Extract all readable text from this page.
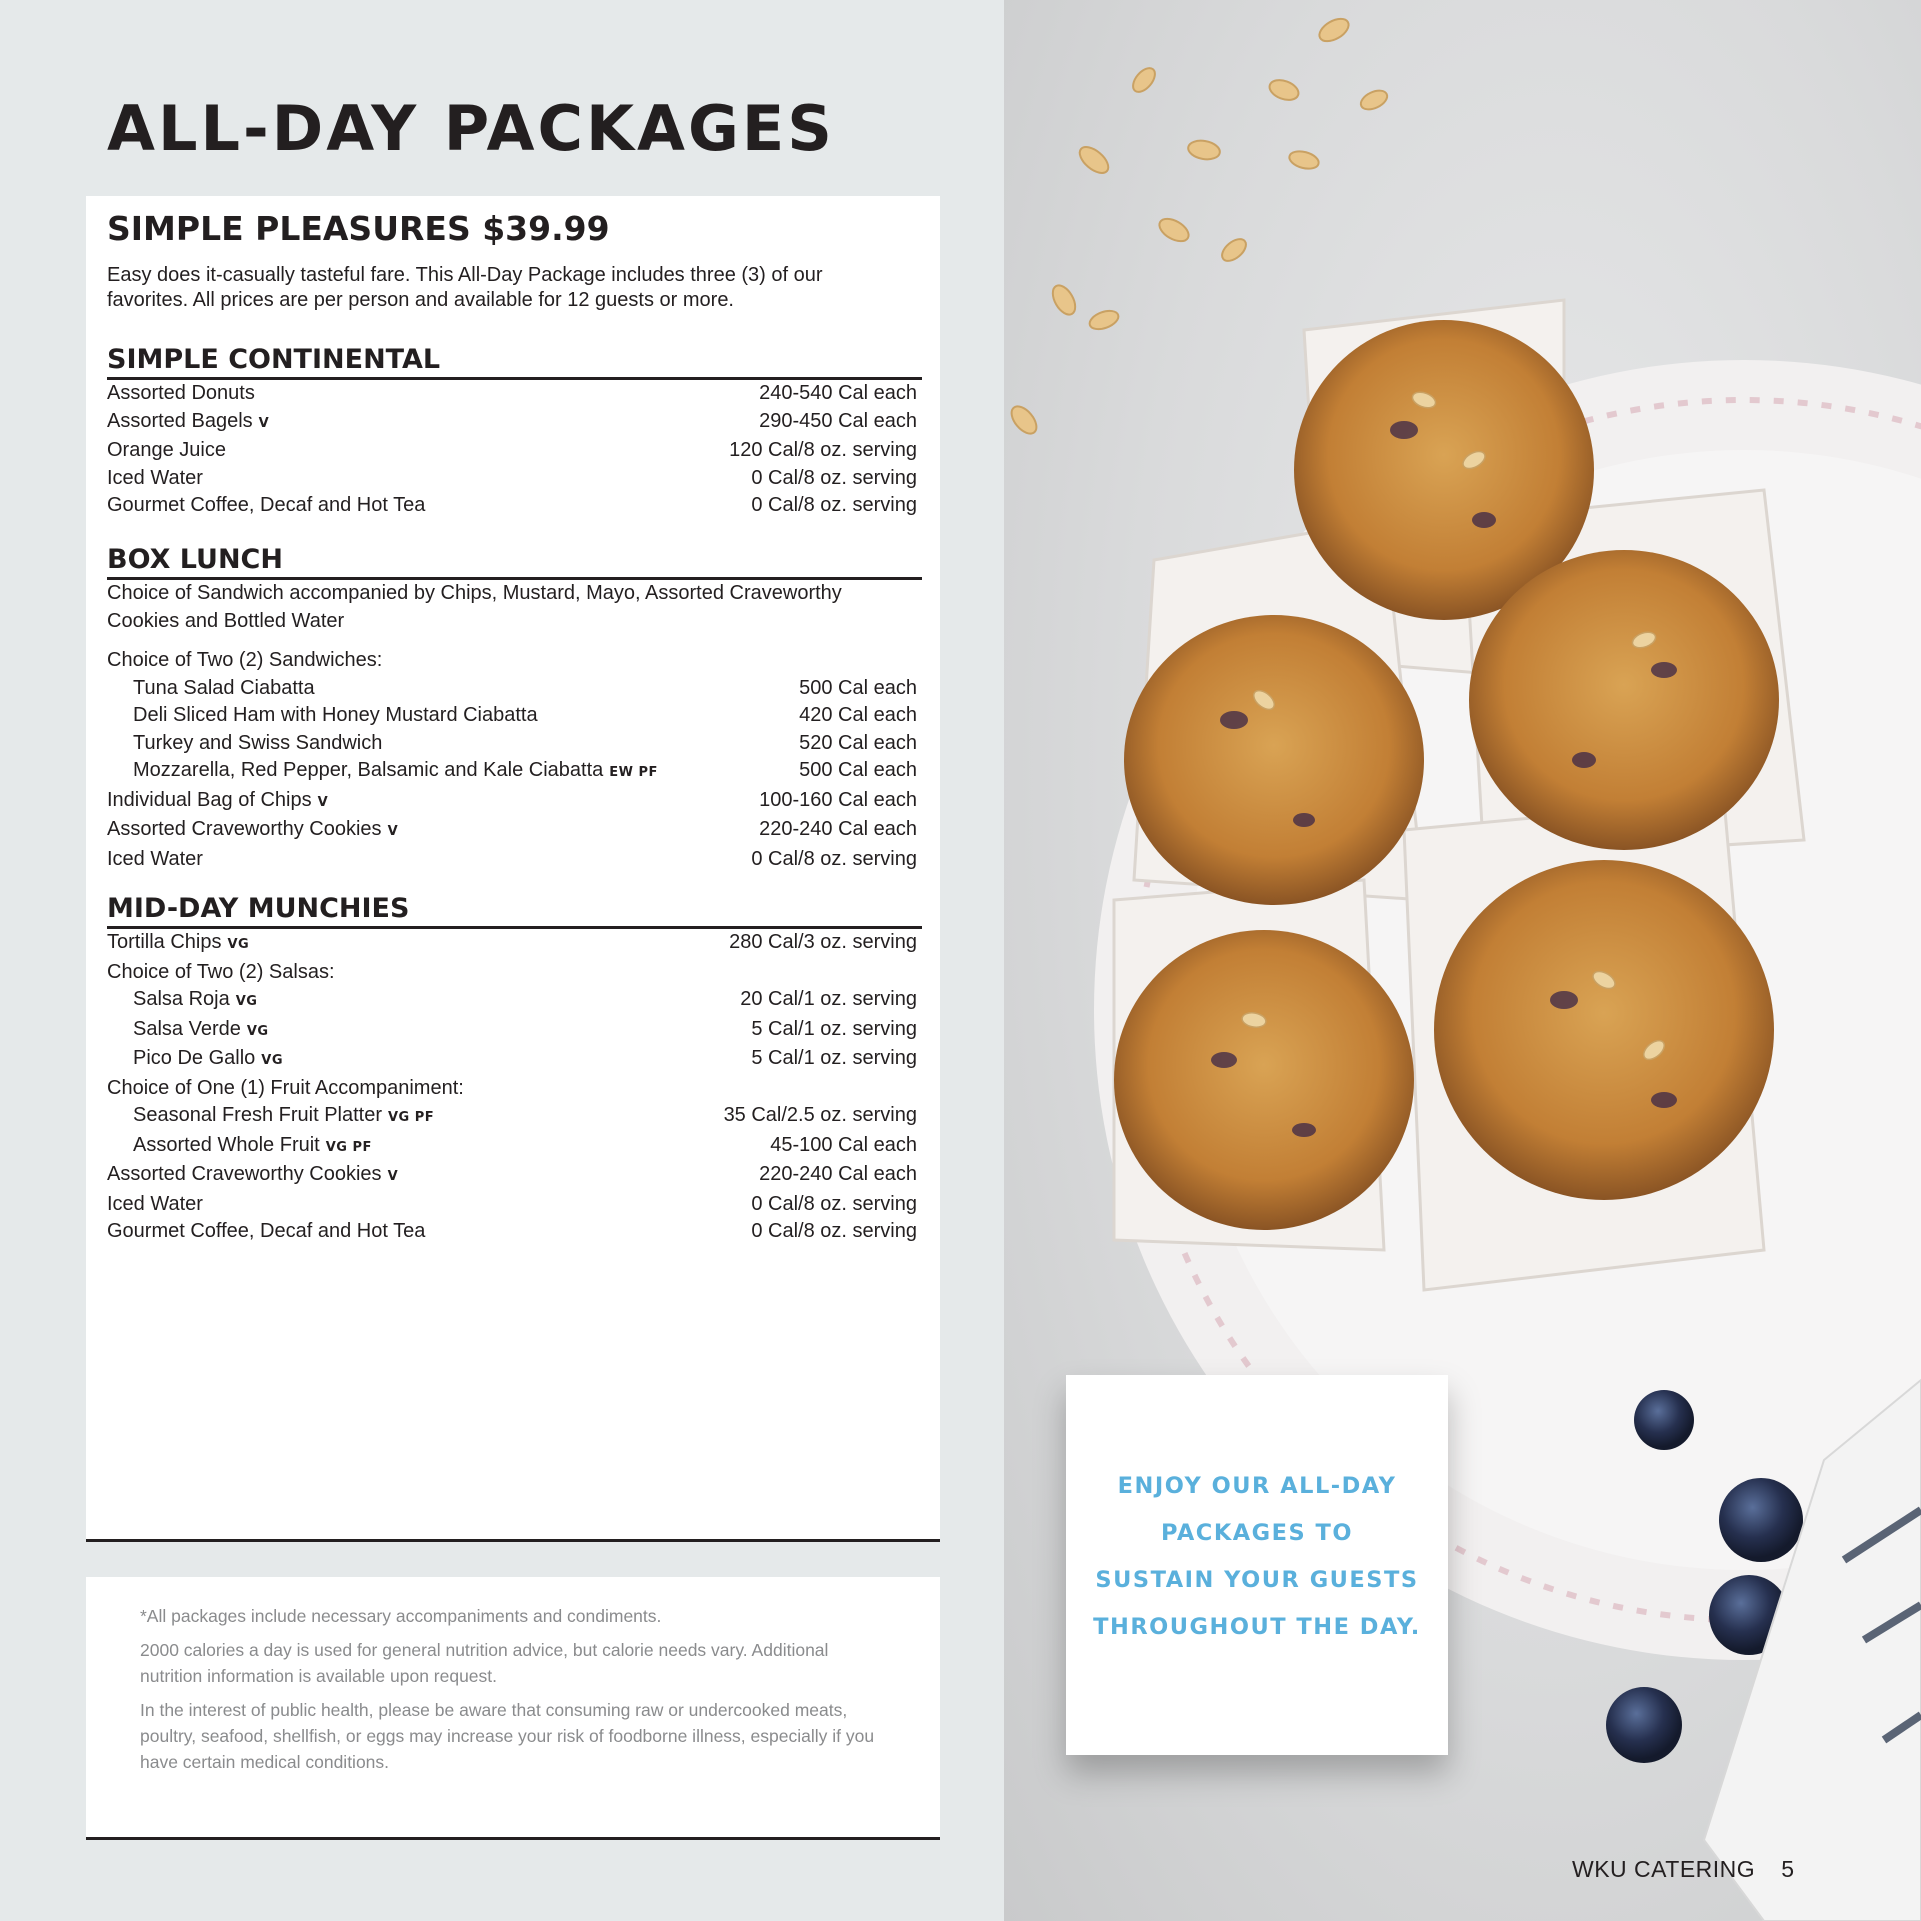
ALL-DAY PACKAGES
SIMPLE PLEASURES $39.99

Easy does it-casually tasteful fare. This All-Day Package includes three (3) of our favorites. All prices are per person and available for 12 guests or more.

SIMPLE CONTINENTAL
Assorted Donuts	240-540 Cal each
Assorted Bagels V	290-450 Cal each
Orange Juice	120 Cal/8 oz. serving
Iced Water	0 Cal/8 oz. serving
Gourmet Coffee, Decaf and Hot Tea	0 Cal/8 oz. serving
BOX LUNCH

Choice of Sandwich accompanied by Chips, Mustard, Mayo, Assorted Craveworthy Cookies and Bottled Water

Choice of Two (2) Sandwiches:
Tuna Salad Ciabatta	500 Cal each
Deli Sliced Ham with Honey Mustard Ciabatta	420 Cal each
Turkey and Swiss Sandwich	520 Cal each
Mozzarella, Red Pepper, Balsamic and Kale Ciabatta EW PF	500 Cal each
Individual Bag of Chips V	100-160 Cal each
Assorted Craveworthy Cookies V	220-240 Cal each
Iced Water	0 Cal/8 oz. serving
MID-DAY MUNCHIES
Tortilla Chips VG	280 Cal/3 oz. serving
Choice of Two (2) Salsas:
Salsa Roja VG	20 Cal/1 oz. serving
Salsa Verde VG	5 Cal/1 oz. serving
Pico De Gallo VG	5 Cal/1 oz. serving
Choice of One (1) Fruit Accompaniment:
Seasonal Fresh Fruit Platter VG PF	35 Cal/2.5 oz. serving
Assorted Whole Fruit VG PF	45-100 Cal each
Assorted Craveworthy Cookies V	220-240 Cal each
Iced Water	0 Cal/8 oz. serving
Gourmet Coffee, Decaf and Hot Tea	0 Cal/8 oz. serving

*All packages include necessary accompaniments and condiments.

2000 calories a day is used for general nutrition advice, but calorie needs vary. Additional nutrition information is available upon request.

In the interest of public health, please be aware that consuming raw or undercooked meats, poultry, seafood, shellfish, or eggs may increase your risk of foodborne illness, especially if you have certain medical conditions.

ENJOY OUR ALL-DAY
PACKAGES TO
SUSTAIN YOUR GUESTS
THROUGHOUT THE DAY.

WKU CATERING 5
